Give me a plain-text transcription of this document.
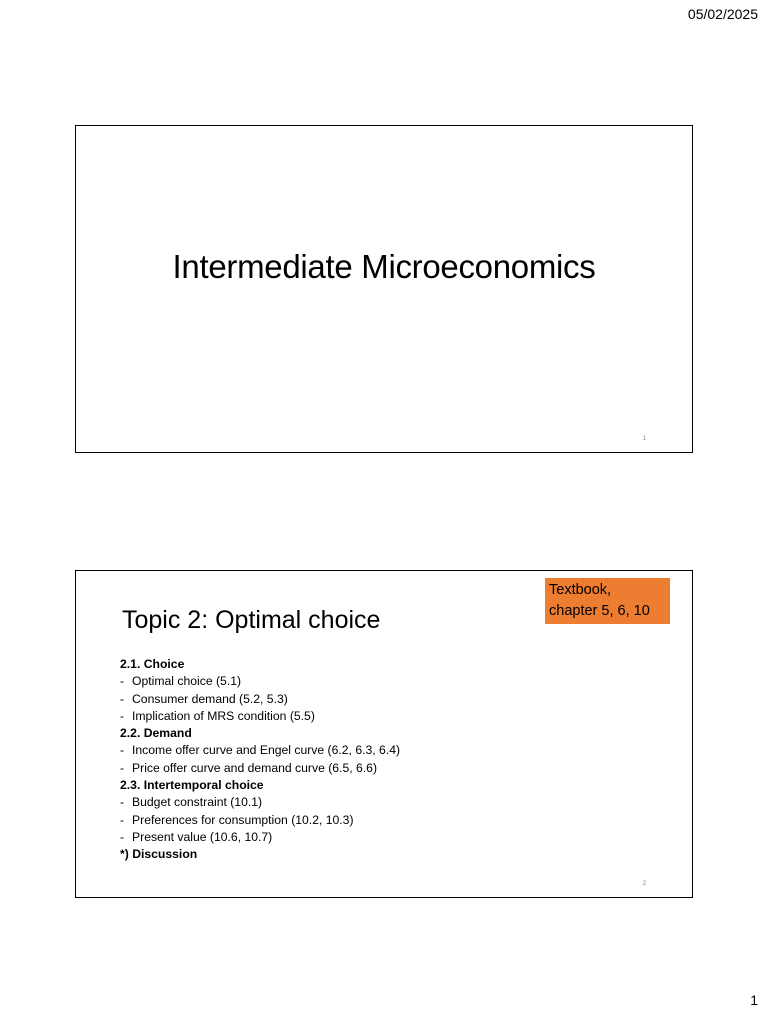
05/02/2025
Intermediate Microeconomics
1
Textbook,
chapter 5, 6, 10
Topic 2: Optimal choice
2.1. Choice
- Optimal choice (5.1)
- Consumer demand (5.2, 5.3)
- Implication of MRS condition (5.5)
2.2. Demand
- Income offer curve and Engel curve (6.2, 6.3, 6.4)
- Price offer curve and demand curve (6.5, 6.6)
2.3. Intertemporal choice
- Budget constraint (10.1)
- Preferences for consumption (10.2, 10.3)
- Present value (10.6, 10.7)
*) Discussion
2
1
